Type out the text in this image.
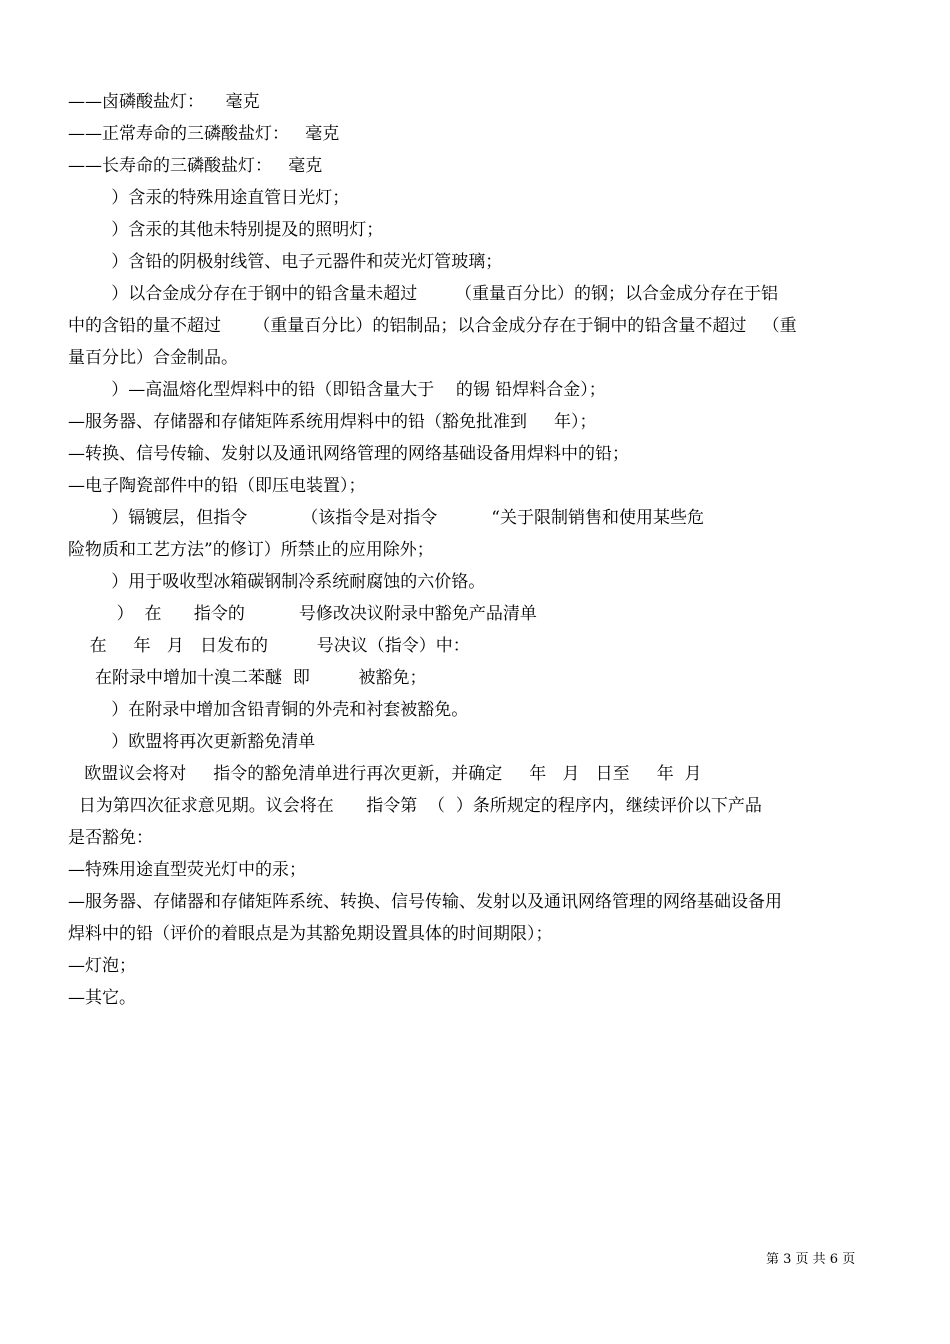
——卤磷酸盐灯：    毫克

——正常寿命的三磷酸盐灯：   毫克

——长寿命的三磷酸盐灯：   毫克

）含汞的特殊用途直管日光灯；

）含汞的其他未特别提及的照明灯；

）含铅的阴极射线管、电子元器件和荧光灯管玻璃；

）以合金成分存在于钢中的铅含量未超过       （重量百分比）的钢；以合金成分存在于铝

中的含铅的量不超过      （重量百分比）的铝制品；以合金成分存在于铜中的铅含量不超过   （重

量百分比）合金制品。

）—高温熔化型焊料中的铅（即铅含量大于    的锡 铅焊料合金）；

—服务器、存储器和存储矩阵系统用焊料中的铅（豁免批准到     年）；

—转换、信号传输、发射以及通讯网络管理的网络基础设备用焊料中的铅；

—电子陶瓷部件中的铅（即压电装置）；

）镉镀层，但指令          （该指令是对指令          “关于限制销售和使用某些危

险物质和工艺方法”的修订）所禁止的应用除外；

）用于吸收型冰箱碳钢制冷系统耐腐蚀的六价铬。

）  在      指令的          号修改决议附录中豁免产品清单

在     年   月   日发布的         号决议（指令）中：

在附录中增加十溴二苯醚  即         被豁免；

）在附录中增加含铅青铜的外壳和衬套被豁免。

）欧盟将再次更新豁免清单

欧盟议会将对     指令的豁免清单进行再次更新，并确定     年   月   日至     年  月

日为第四次征求意见期。议会将在      指令第  （  ）条所规定的程序内，继续评价以下产品

是否豁免：

—特殊用途直型荧光灯中的汞；

—服务器、存储器和存储矩阵系统、转换、信号传输、发射以及通讯网络管理的网络基础设备用

焊料中的铅（评价的着眼点是为其豁免期设置具体的时间期限）；

—灯泡；

—其它。

第 3 页 共 6 页
